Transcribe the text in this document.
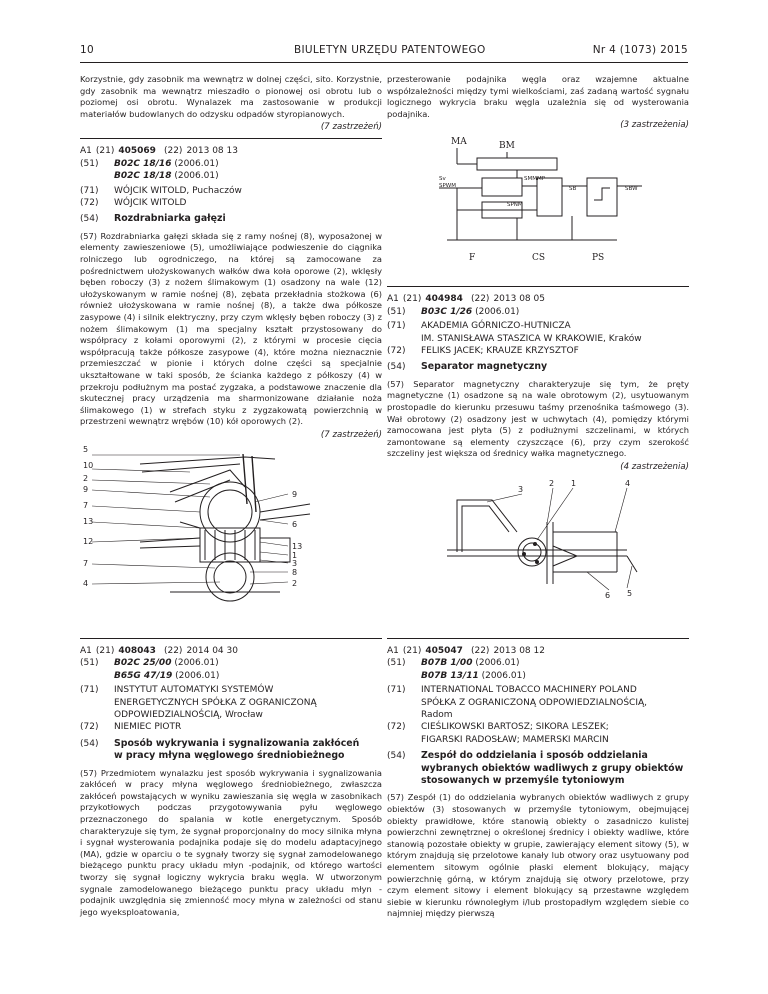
10	BIULETYN URZĘDU PATENTOWEGO	Nr 4 (1073) 2015

Korzystnie, gdy zasobnik ma wewnątrz w dolnej części, sito. Korzystnie, gdy zasobnik ma wewnątrz mieszadło o pionowej osi obrotu lub o poziomej osi obrotu. Wynalazek ma zastosowanie w produkcji materiałów budowlanych do odzysku odpadów styropianowych.

(7 zastrzeżeń)

A1 (21) 405069 (22) 2013 08 13
(51)	B02C 18/16 (2006.01)
B02C 18/18 (2006.01)
(71)	WÓJCIK WITOLD, Puchaczów
(72)	WÓJCIK WITOLD
(54)	Rozdrabniarka gałęzi

(57) Rozdrabniarka gałęzi składa się z ramy nośnej (8), wyposażonej w elementy zawieszeniowe (5), umożliwiające podwieszenie do ciągnika rolniczego lub ogrodniczego, na której są zamocowane za pośrednictwem ułożyskowanych wałków dwa koła oporowe (2), wklęsły bęben roboczy (3) z nożem ślimakowym (1) osadzony na wale (12) ułożyskowanym w ramie nośnej (8), zębata przekładnia stożkowa (6) również ułożyskowana w ramie nośnej (8), a także dwa półkosze zasypowe (4) i silnik elektryczny, przy czym wklęsły bęben roboczy (3) z nożem ślimakowym (1) ma specjalny kształt przystosowany do współpracy z kołami oporowymi (2), z którymi w procesie cięcia współpracują także półkosze zasypowe (4), które można nieznacznie przemieszczać w pionie i których dolne części są specjalnie ukształtowane w taki sposób, że ścianka każdego z półkoszy (4) w przekroju podłużnym ma postać zygzaka, a podstawowe znaczenie dla skutecznej pracy urządzenia ma sharmonizowane działanie noża ślimakowego (1) w strefach styku z zygzakowatą powierzchnią w przestrzeni wewnątrz wrębów (10) kół oporowych (2).

(7 zastrzeżeń)

5
10
2
9
7
13
12
7
4
9
6
13
1
3
8
2
A1 (21) 408043 (22) 2014 04 30
(51)	B02C 25/00 (2006.01)
B65G 47/19 (2006.01)
(71)	INSTYTUT AUTOMATYKI SYSTEMÓW
ENERGETYCZNYCH SPÓŁKA Z OGRANICZONĄ
ODPOWIEDZIALNOŚCIĄ, Wrocław
(72)	NIEMIEC PIOTR
(54)	Sposób wykrywania i sygnalizowania zakłóceń
w pracy młyna węglowego średniobieżnego

(57) Przedmiotem wynalazku jest sposób wykrywania i sygnalizowania zakłóceń w pracy młyna węglowego średniobieżnego, zwłaszcza zakłóceń powstających w wyniku zawieszania się węgla w zasobnikach przykotłowych podczas przygotowywania pyłu węglowego przeznaczonego do spalania w kotle energetycznym. Sposób charakteryzuje się tym, że sygnał proporcjonalny do mocy silnika młyna i sygnał wysterowania podajnika podaje się do modelu adaptacyjnego (MA), gdzie w oparciu o te sygnały tworzy się sygnał zamodelowanego bieżącego punktu pracy układu młyn -podajnik, od którego wartości tworzy się sygnał logiczny wykrycia braku węgla. W utworzonym sygnale zamodelowanego bieżącego punktu pracy układu młyn - podajnik uwzględnia się zmienność mocy młyna w zależności od stanu jego wyeksploatowania,

przesterowanie podajnika węgla oraz wzajemne aktualne współzależności między tymi wielkościami, zaś zadaną wartość sygnału logicznego wykrycia braku węgla uzależnia się od wysterowania podajnika.

(3 zastrzeżenia)

MA	BM
F	CS	PS
Sv
SPWM
SMMMP
SPNM
SB	SBW
A1 (21) 404984 (22) 2013 08 05
(51)	B03C 1/26 (2006.01)
(71)	AKADEMIA GÓRNICZO-HUTNICZA
IM. STANISŁAWA STASZICA W KRAKOWIE, Kraków
(72)	FELIKS JACEK; KRAUZE KRZYSZTOF
(54)	Separator magnetyczny

(57) Separator magnetyczny charakteryzuje się tym, że pręty magnetyczne (1) osadzone są na wale obrotowym (2), usytuowanym prostopadle do kierunku przesuwu taśmy przenośnika taśmowego (3). Wał obrotowy (2) osadzony jest w uchwytach (4), pomiędzy którymi zamocowana jest płyta (5) z podłużnymi szczelinami, w których zamontowane są elementy czyszczące (6), przy czym szerokość szczeliny jest większa od średnicy wałka magnetycznego.

(4 zastrzeżenia)

3
2 1	4
6 5
A1 (21) 405047 (22) 2013 08 12
(51)	B07B 1/00 (2006.01)
B07B 13/11 (2006.01)
(71)	INTERNATIONAL TOBACCO MACHINERY POLAND
SPÓŁKA Z OGRANICZONĄ ODPOWIEDZIALNOŚCIĄ,
Radom
(72)	CIEŚLIKOWSKI BARTOSZ; SIKORA LESZEK;
FIGARSKI RADOSŁAW; MAMERSKI MARCIN
(54)	Zespół do oddzielania i sposób oddzielania
wybranych obiektów wadliwych z grupy obiektów
stosowanych w przemyśle tytoniowym

(57) Zespół (1) do oddzielania wybranych obiektów wadliwych z grupy obiektów (3) stosowanych w przemyśle tytoniowym, obejmującej obiekty prawidłowe, które stanowią obiekty o zasadniczo kulistej powierzchni zewnętrznej o określonej średnicy i obiekty wadliwe, które stanowią pozostałe obiekty w grupie, zawierający element sitowy (5), w którym znajdują się przelotowe kanały lub otwory oraz usytuowany pod elementem sitowym ogólnie płaski element blokujący, mający powierzchnię górną, w którym znajdują się otwory przelotowe, przy czym element sitowy i element blokujący są przestawne względem siebie w kierunku równoległym i/lub prostopadłym względem siebie co najmniej między pierwszą
